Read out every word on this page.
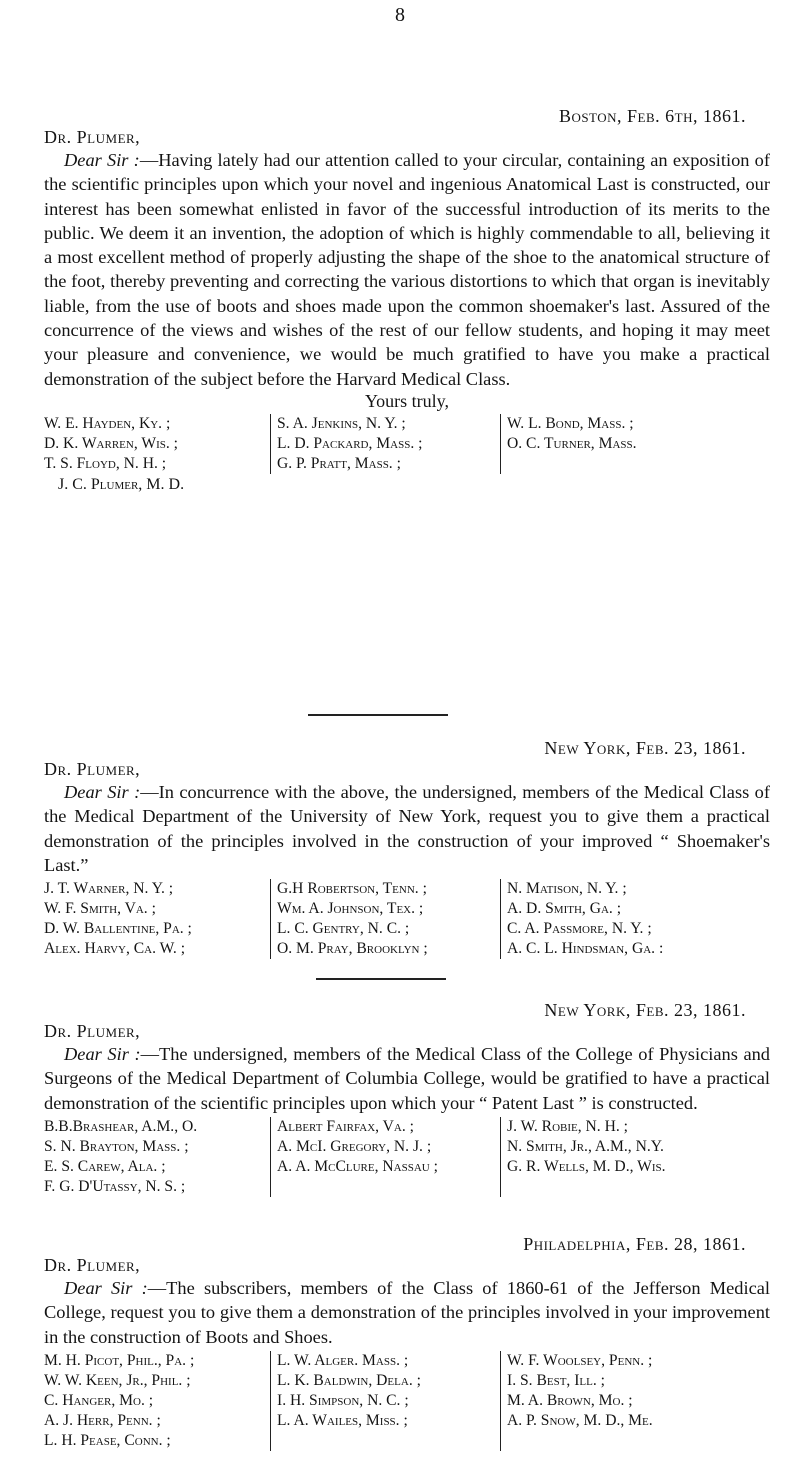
8

Boston, Feb. 6th, 1861.

Dr. Plumer,

Dear Sir :—Having lately had our attention called to your circular, containing an exposition of the scientific principles upon which your novel and ingenious Anatomical Last is constructed, our interest has been somewhat enlisted in favor of the successful introduction of its merits to the public. We deem it an invention, the adoption of which is highly commendable to all, believing it a most excellent method of properly adjusting the shape of the shoe to the anatomical structure of the foot, thereby preventing and correcting the various distortions to which that organ is inevitably liable, from the use of boots and shoes made upon the common shoemaker's last. Assured of the concurrence of the views and wishes of the rest of our fellow students, and hoping it may meet your pleasure and convenience, we would be much gratified to have you make a practical demonstration of the subject before the Harvard Medical Class.

Yours truly,

W. E. Hayden, Ky. ;
D. K. Warren, Wis. ;
T. S. Floyd, N. H. ;
S. A. Jenkins, N. Y. ;
L. D. Packard, Mass. ;
G. P. Pratt, Mass. ;
W. L. Bond, Mass. ;
O. C. Turner, Mass.
J. C. Plumer, M. D.

New York, Feb. 23, 1861.

Dr. Plumer,

Dear Sir :—In concurrence with the above, the undersigned, members of the Medical Class of the Medical Department of the University of New York, request you to give them a practical demonstration of the principles involved in the construction of your improved “ Shoemaker's Last.”

J. T. Warner, N. Y. ;
W. F. Smith, Va. ;
D. W. Ballentine, Pa. ;
Alex. Harvy, Ca. W. ;
G.H Robertson, Tenn. ;
Wm. A. Johnson, Tex. ;
L. C. Gentry, N. C. ;
O. M. Pray, Brooklyn ;
N. Matison, N. Y. ;
A. D. Smith, Ga. ;
C. A. Passmore, N. Y. ;
A. C. L. Hindsman, Ga. :

New York, Feb. 23, 1861.

Dr. Plumer,

Dear Sir :—The undersigned, members of the Medical Class of the College of Physicians and Surgeons of the Medical Department of Columbia College, would be gratified to have a practical demonstration of the scientific principles upon which your “ Patent Last ” is constructed.

B.B.Brashear, A.M., O.
S. N. Brayton, Mass. ;
E. S. Carew, Ala. ;
F. G. D'Utassy, N. S. ;
Albert Fairfax, Va. ;
A. McI. Gregory, N. J. ;
A. A. McClure, Nassau ;
J. W. Robie, N. H. ;
N. Smith, Jr., A.M., N.Y.
G. R. Wells, M. D., Wis.

Philadelphia, Feb. 28, 1861.

Dr. Plumer,

Dear Sir :—The subscribers, members of the Class of 1860-61 of the Jefferson Medical College, request you to give them a demonstration of the principles involved in your improvement in the construction of Boots and Shoes.

M. H. Picot, Phil., Pa. ;
W. W. Keen, Jr., Phil. ;
C. Hanger, Mo. ;
A. J. Herr, Penn. ;
L. H. Pease, Conn. ;
L. W. Alger. Mass. ;
L. K. Baldwin, Dela. ;
I. H. Simpson, N. C. ;
L. A. Wailes, Miss. ;
W. F. Woolsey, Penn. ;
I. S. Best, Ill. ;
M. A. Brown, Mo. ;
A. P. Snow, M. D., Me.
